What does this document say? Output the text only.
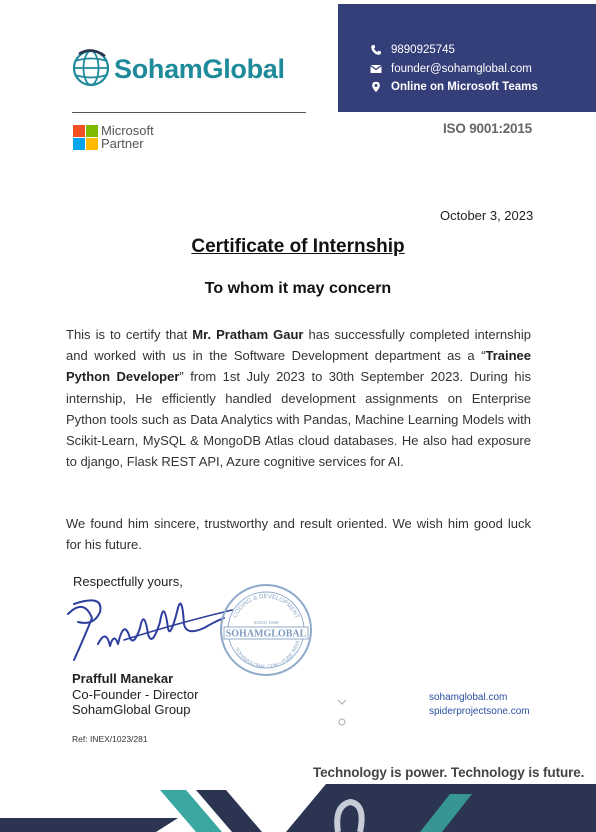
9890925745
founder@sohamglobal.com
Online on Microsoft Teams
SohamGlobal
Microsoft
Partner
ISO 9001:2015
October 3, 2023
Certificate of Internship
To whom it may concern
This is to certify that Mr. Pratham Gaur has successfully completed internship and worked with us in the Software Development department as a “Trainee Python Developer” from 1st July 2023 to 30th September 2023. During his internship, He efficiently handled development assignments on Enterprise Python tools such as Data Analytics with Pandas, Machine Learning Models with Scikit-Learn, MySQL & MongoDB Atlas cloud databases. He also had exposure to django, Flask REST API, Azure cognitive services for AI.
We found him sincere, trustworthy and result oriented. We wish him good luck for his future.
Respectfully yours,
CODING & DEVELOPMENT
SINCE 1999
SOHAMGLOBAL
SOHAMGLOBAL.COM • PUNE INDIA
Praffull Manekar
Co-Founder - Director
SohamGlobal Group
Ref: INEX/1023/281
sohamglobal.com
spiderprojectsone.com
Technology is power. Technology is future.
